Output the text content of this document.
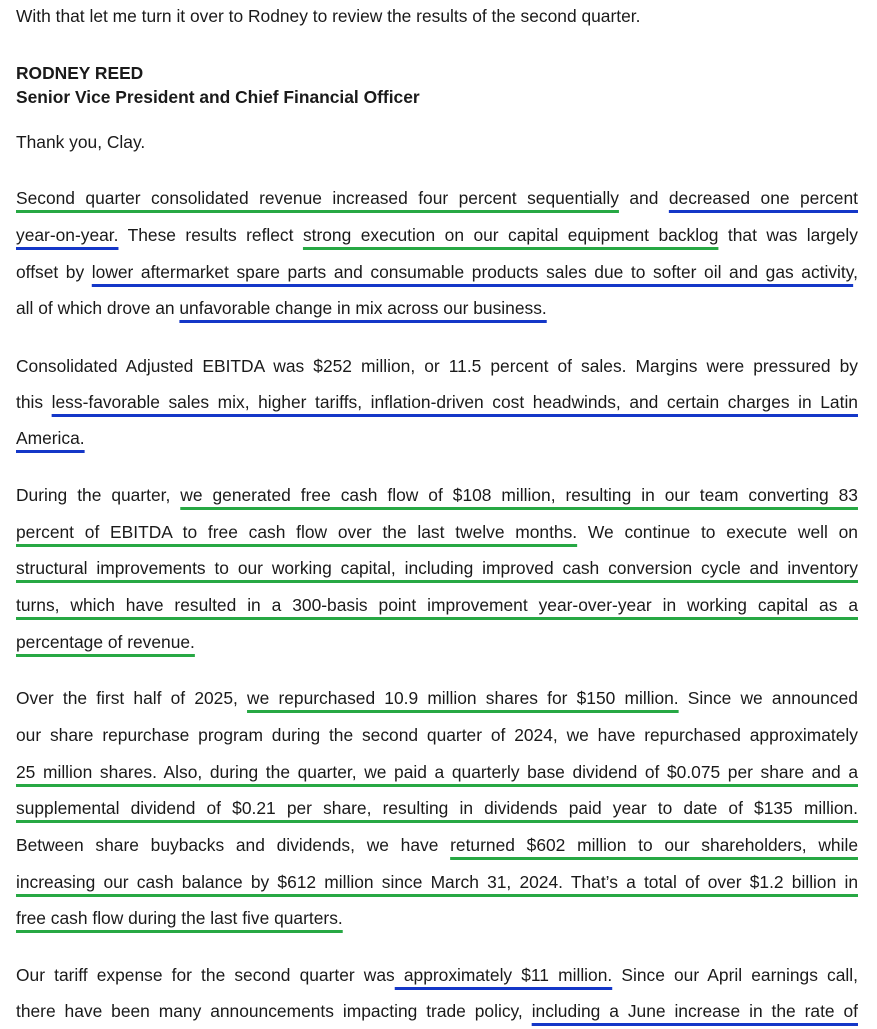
With that let me turn it over to Rodney to review the results of the second quarter.
RODNEY REED
Senior Vice President and Chief Financial Officer
Thank you, Clay.
Second quarter consolidated revenue increased four percent sequentially and decreased one percent
year-on-year. These results reflect strong execution on our capital equipment backlog that was largely
offset by lower aftermarket spare parts and consumable products sales due to softer oil and gas activity,
all of which drove an unfavorable change in mix across our business.
Consolidated Adjusted EBITDA was $252 million, or 11.5 percent of sales. Margins were pressured by
this less-favorable sales mix, higher tariffs, inflation-driven cost headwinds, and certain charges in Latin
America.
During the quarter, we generated free cash flow of $108 million, resulting in our team converting 83
percent of EBITDA to free cash flow over the last twelve months. We continue to execute well on
structural improvements to our working capital, including improved cash conversion cycle and inventory
turns, which have resulted in a 300-basis point improvement year-over-year in working capital as a
percentage of revenue.
Over the first half of 2025, we repurchased 10.9 million shares for $150 million. Since we announced
our share repurchase program during the second quarter of 2024, we have repurchased approximately
25 million shares. Also, during the quarter, we paid a quarterly base dividend of $0.075 per share and a
supplemental dividend of $0.21 per share, resulting in dividends paid year to date of $135 million.
Between share buybacks and dividends, we have returned $602 million to our shareholders, while
increasing our cash balance by $612 million since March 31, 2024. That’s a total of over $1.2 billion in
free cash flow during the last five quarters.
Our tariff expense for the second quarter was approximately $11 million. Since our April earnings call,
there have been many announcements impacting trade policy, including a June increase in the rate of
